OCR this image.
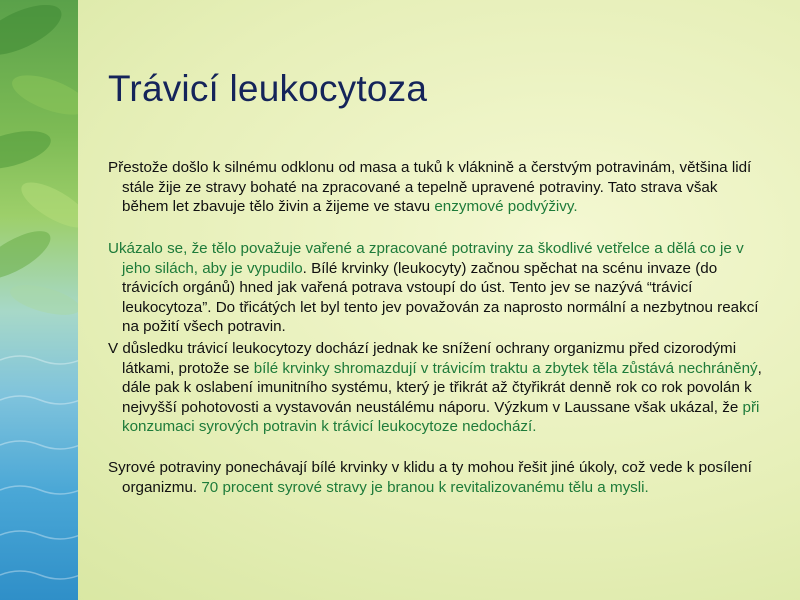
Trávicí leukocytoza
Přestože došlo k silnému odklonu od masa a tuků k vláknině a čerstvým potravinám, většina lidí stále žije ze stravy bohaté na zpracované a tepelně upravené potraviny. Tato strava však během let zbavuje tělo živin a žijeme ve stavu enzymové podvýživy.
Ukázalo se, že tělo považuje vařené a zpracované potraviny za škodlivé vetřelce a dělá co je v jeho silách, aby je vypudilo. Bílé krvinky (leukocyty) začnou spěchat na scénu invaze (do trávicích orgánů) hned jak vařená potrava vstoupí do úst. Tento jev se nazývá “trávicí leukocytoza”. Do třicátých let byl tento jev považován za naprosto normální a nezbytnou reakcí na požití všech potravin.
V důsledku trávicí leukocytozy dochází jednak ke snížení ochrany organizmu před cizorodými látkami, protože se bílé krvinky shromazdují v trávicím traktu a zbytek těla zůstává nechráněný, dále pak k oslabení imunitního systému, který je třikrát až čtyřikrát denně rok co rok povolán k nejvyšší pohotovosti a vystavován neustálému náporu. Výzkum v Laussane však ukázal, že při konzumaci syrových potravin k trávicí leukocytoze nedochází.
Syrové potraviny ponechávají bílé krvinky v klidu a ty mohou řešit jiné úkoly, což vede k posílení organizmu. 70 procent syrové stravy je branou k revitalizovanému tělu a mysli.
